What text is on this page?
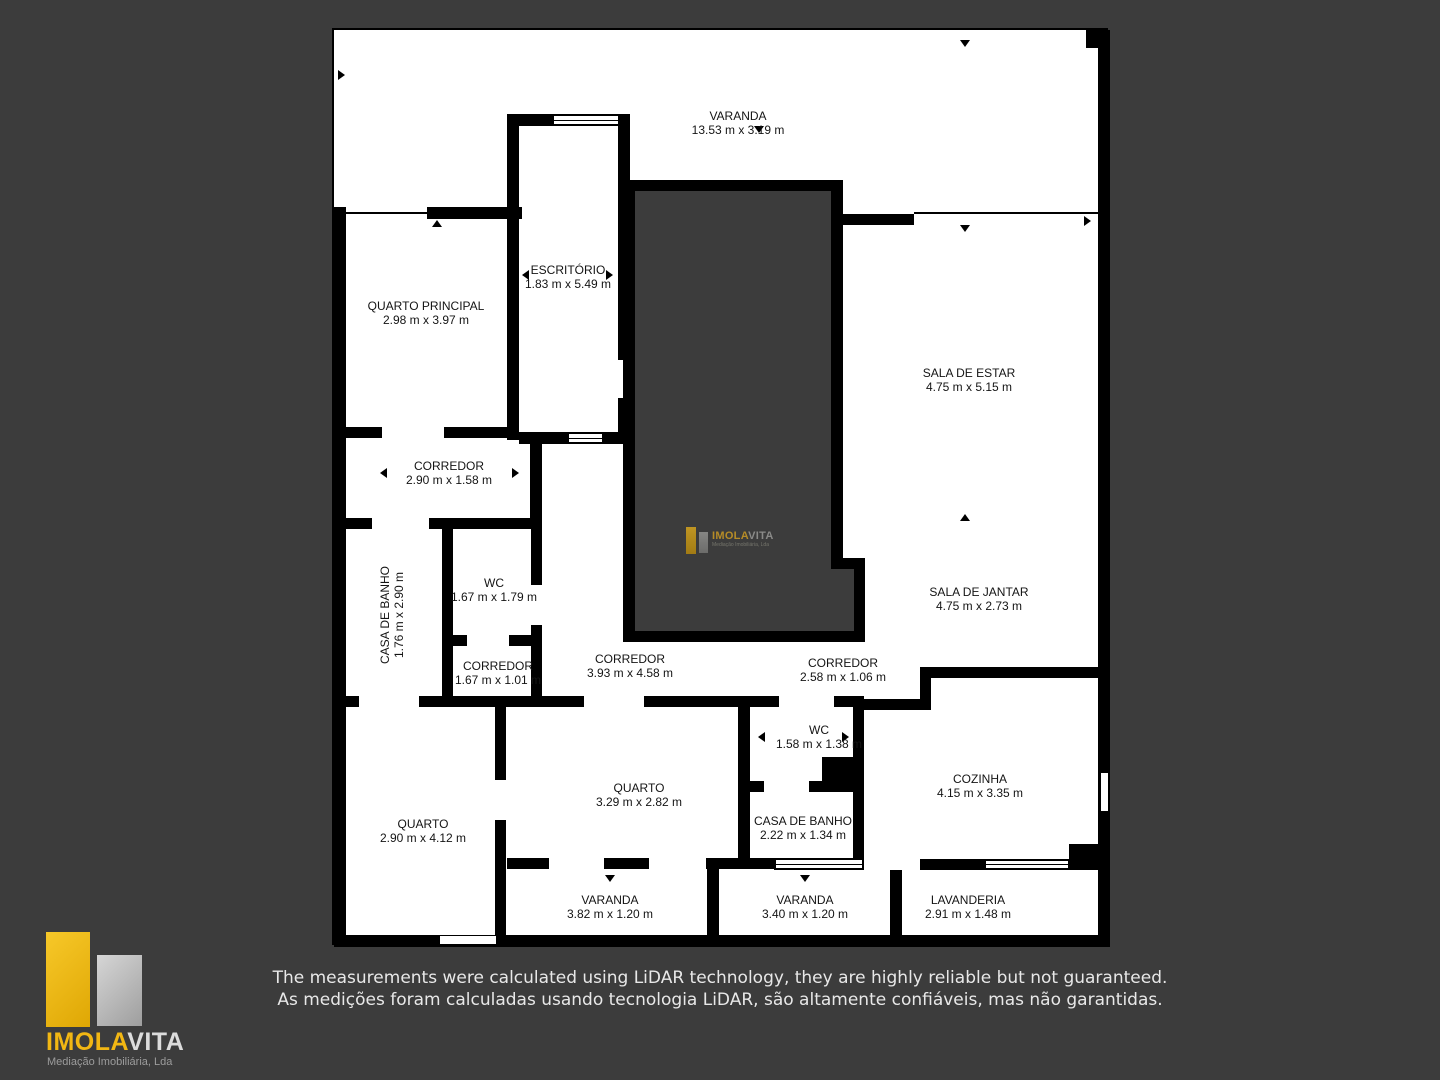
VARANDA
13.53 m x 3.19 m
ESCRITÓRIO
1.83 m x 5.49 m
QUARTO PRINCIPAL
2.98 m x 3.97 m
SALA DE ESTAR
4.75 m x 5.15 m
CORREDOR
2.90 m x 1.58 m
CASA DE BANHO 1.76 m x 2.90 m	WC
1.67 m x 1.79 m
CORREDOR
1.67 m x 1.01 m
CORREDOR
3.93 m x 4.58 m
SALA DE JANTAR
4.75 m x 2.73 m
CORREDOR
2.58 m x 1.06 m
WC
1.58 m x 1.38 m
QUARTO
3.29 m x 2.82 m
CASA DE BANHO
2.22 m x 1.34 m
COZINHA
4.15 m x 3.35 m
QUARTO
2.90 m x 4.12 m
VARANDA
3.82 m x 1.20 m
VARANDA
3.40 m x 1.20 m
LAVANDERIA
2.91 m x 1.48 m
IMOLAVITA
Mediação Imobiliária, Lda
IMOLAVITA
Mediação Imobiliária, Lda
The measurements were calculated using LiDAR technology, they are highly reliable but not guaranteed.
As medições foram calculadas usando tecnologia LiDAR, são altamente confiáveis, mas não garantidas.
